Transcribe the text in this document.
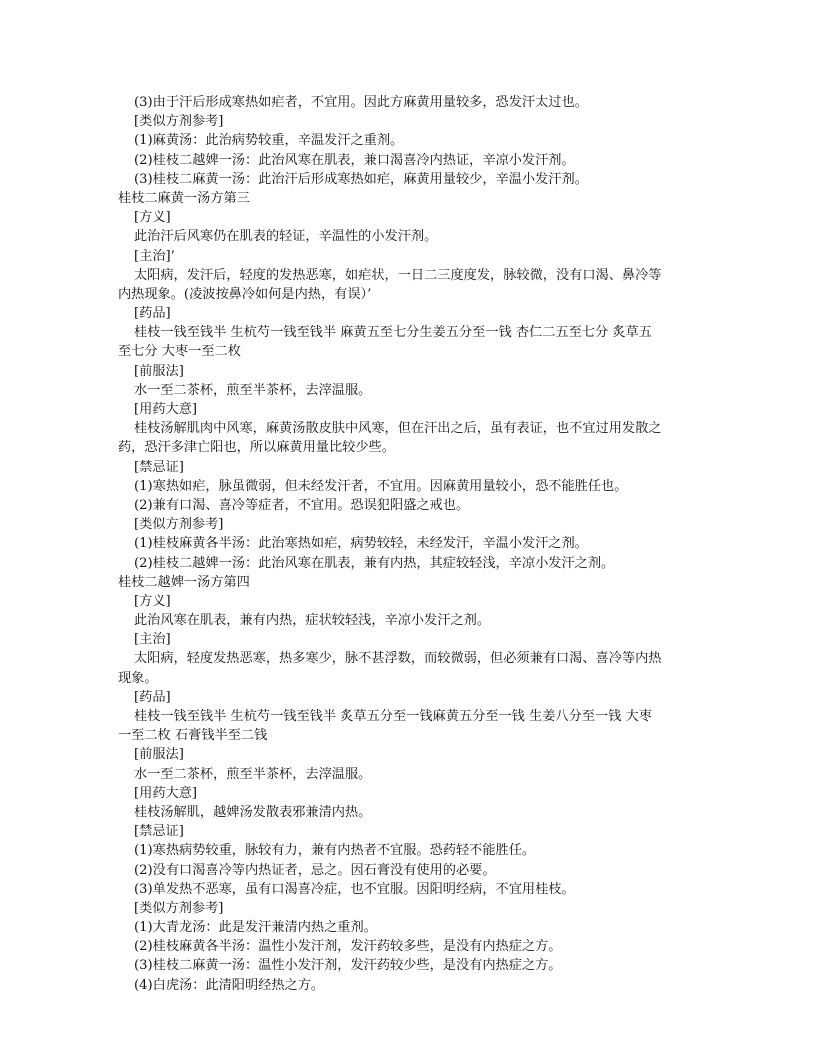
(3)由于汗后形成寒热如疟者，不宜用。因此方麻黄用量较多，恐发汗太过也。
[类似方剂参考]
(1)麻黄汤：此治病势较重，辛温发汗之重剂。
(2)桂枝二越婢一汤：此治风寒在肌表，兼口渴喜冷内热证，辛凉小发汗剂。
(3)桂枝二麻黄一汤：此治汗后形成寒热如疟，麻黄用量较少，辛温小发汗剂。
桂枝二麻黄一汤方第三
[方义]
此治汗后风寒仍在肌表的轻证，辛温性的小发汗剂。
[主治]’
太阳病，发汗后，轻度的发热恶寒，如疟状，一日二三度度发，脉较微，没有口渴、鼻冷等
内热现象。(凌波按鼻冷如何是内热，有误）’
[药品]
桂枝一钱至钱半 生杭芍一钱至钱半 麻黄五至七分生姜五分至一钱 杏仁二五至七分 炙草五
至七分 大枣一至二枚
[前服法]
水一至二茶杯，煎至半茶杯，去滓温服。
[用药大意]
桂枝汤解肌肉中风寒，麻黄汤散皮肤中风寒，但在汗出之后，虽有表证，也不宜过用发散之
药，恐汗多津亡阳也，所以麻黄用量比较少些。
[禁忌证]
(1)寒热如疟，脉虽微弱，但未经发汗者，不宜用。因麻黄用量较小，恐不能胜任也。
(2)兼有口渴、喜冷等症者，不宜用。恐误犯阳盛之戒也。
[类似方剂参考]
(1)桂枝麻黄各半汤：此治寒热如疟，病势较轻，未经发汗，辛温小发汗之剂。
(2)桂枝二越婢一汤：此治风寒在肌表，兼有内热，其症较轻浅，辛凉小发汗之剂。
桂枝二越婢一汤方第四
[方义]
此治风寒在肌表，兼有内热，症状较轻浅，辛凉小发汗之剂。
[主治]
太阳病，轻度发热恶寒，热多寒少，脉不甚浮数，而较微弱，但必须兼有口渴、喜冷等内热
现象。
[药品]
桂枝一钱至钱半 生杭芍一钱至钱半 炙草五分至一钱麻黄五分至一钱 生姜八分至一钱 大枣
一至二枚 石膏钱半至二钱
[前服法]
水一至二茶杯，煎至半茶杯，去滓温服。
[用药大意]
桂枝汤解肌，越婢汤发散表邪兼清内热。
[禁忌证]
(1)寒热病势较重，脉较有力，兼有内热者不宜服。恐药轻不能胜任。
(2)没有口渴喜冷等内热证者，忌之。因石膏没有使用的必要。
(3)单发热不恶寒，虽有口渴喜冷症，也不宜服。因阳明经病，不宜用桂枝。
[类似方剂参考]
(1)大青龙汤：此是发汗兼清内热之重剂。
(2)桂枝麻黄各半汤：温性小发汗剂，发汗药较多些，是没有内热症之方。
(3)桂枝二麻黄一汤：温性小发汗剂，发汗药较少些，是没有内热症之方。
(4)白虎汤：此清阳明经热之方。
